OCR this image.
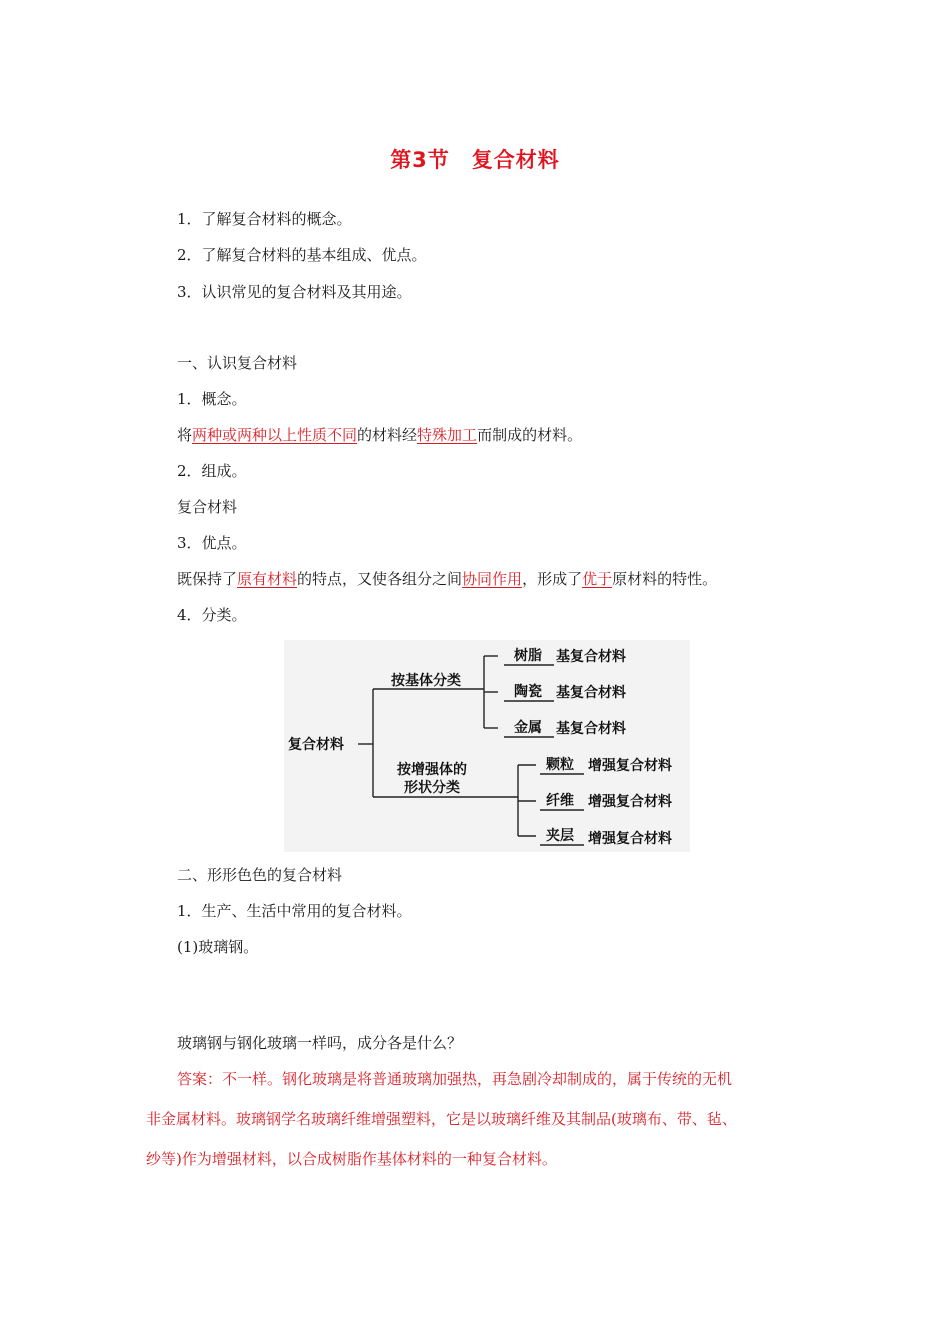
第3节　复合材料
1．了解复合材料的概念。
2．了解复合材料的基本组成、优点。
3．认识常见的复合材料及其用途。
一、认识复合材料
1．概念。
将两种或两种以上性质不同的材料经特殊加工而制成的材料。
2．组成。
复合材料
3．优点。
既保持了原有材料的特点，又使各组分之间协同作用，形成了优于原材料的特性。
4．分类。
复合材料
按基体分类
按增强体的
形状分类
树脂 基复合材料
陶瓷 基复合材料
金属 基复合材料
颗粒 增强复合材料
纤维 增强复合材料
夹层 增强复合材料
二、形形色色的复合材料
1．生产、生活中常用的复合材料。
(1)玻璃钢。
玻璃钢与钢化玻璃一样吗，成分各是什么？
答案：不一样。钢化玻璃是将普通玻璃加强热，再急剧冷却制成的，属于传统的无机
非金属材料。玻璃钢学名玻璃纤维增强塑料，它是以玻璃纤维及其制品(玻璃布、带、毡、
纱等)作为增强材料，以合成树脂作基体材料的一种复合材料。
